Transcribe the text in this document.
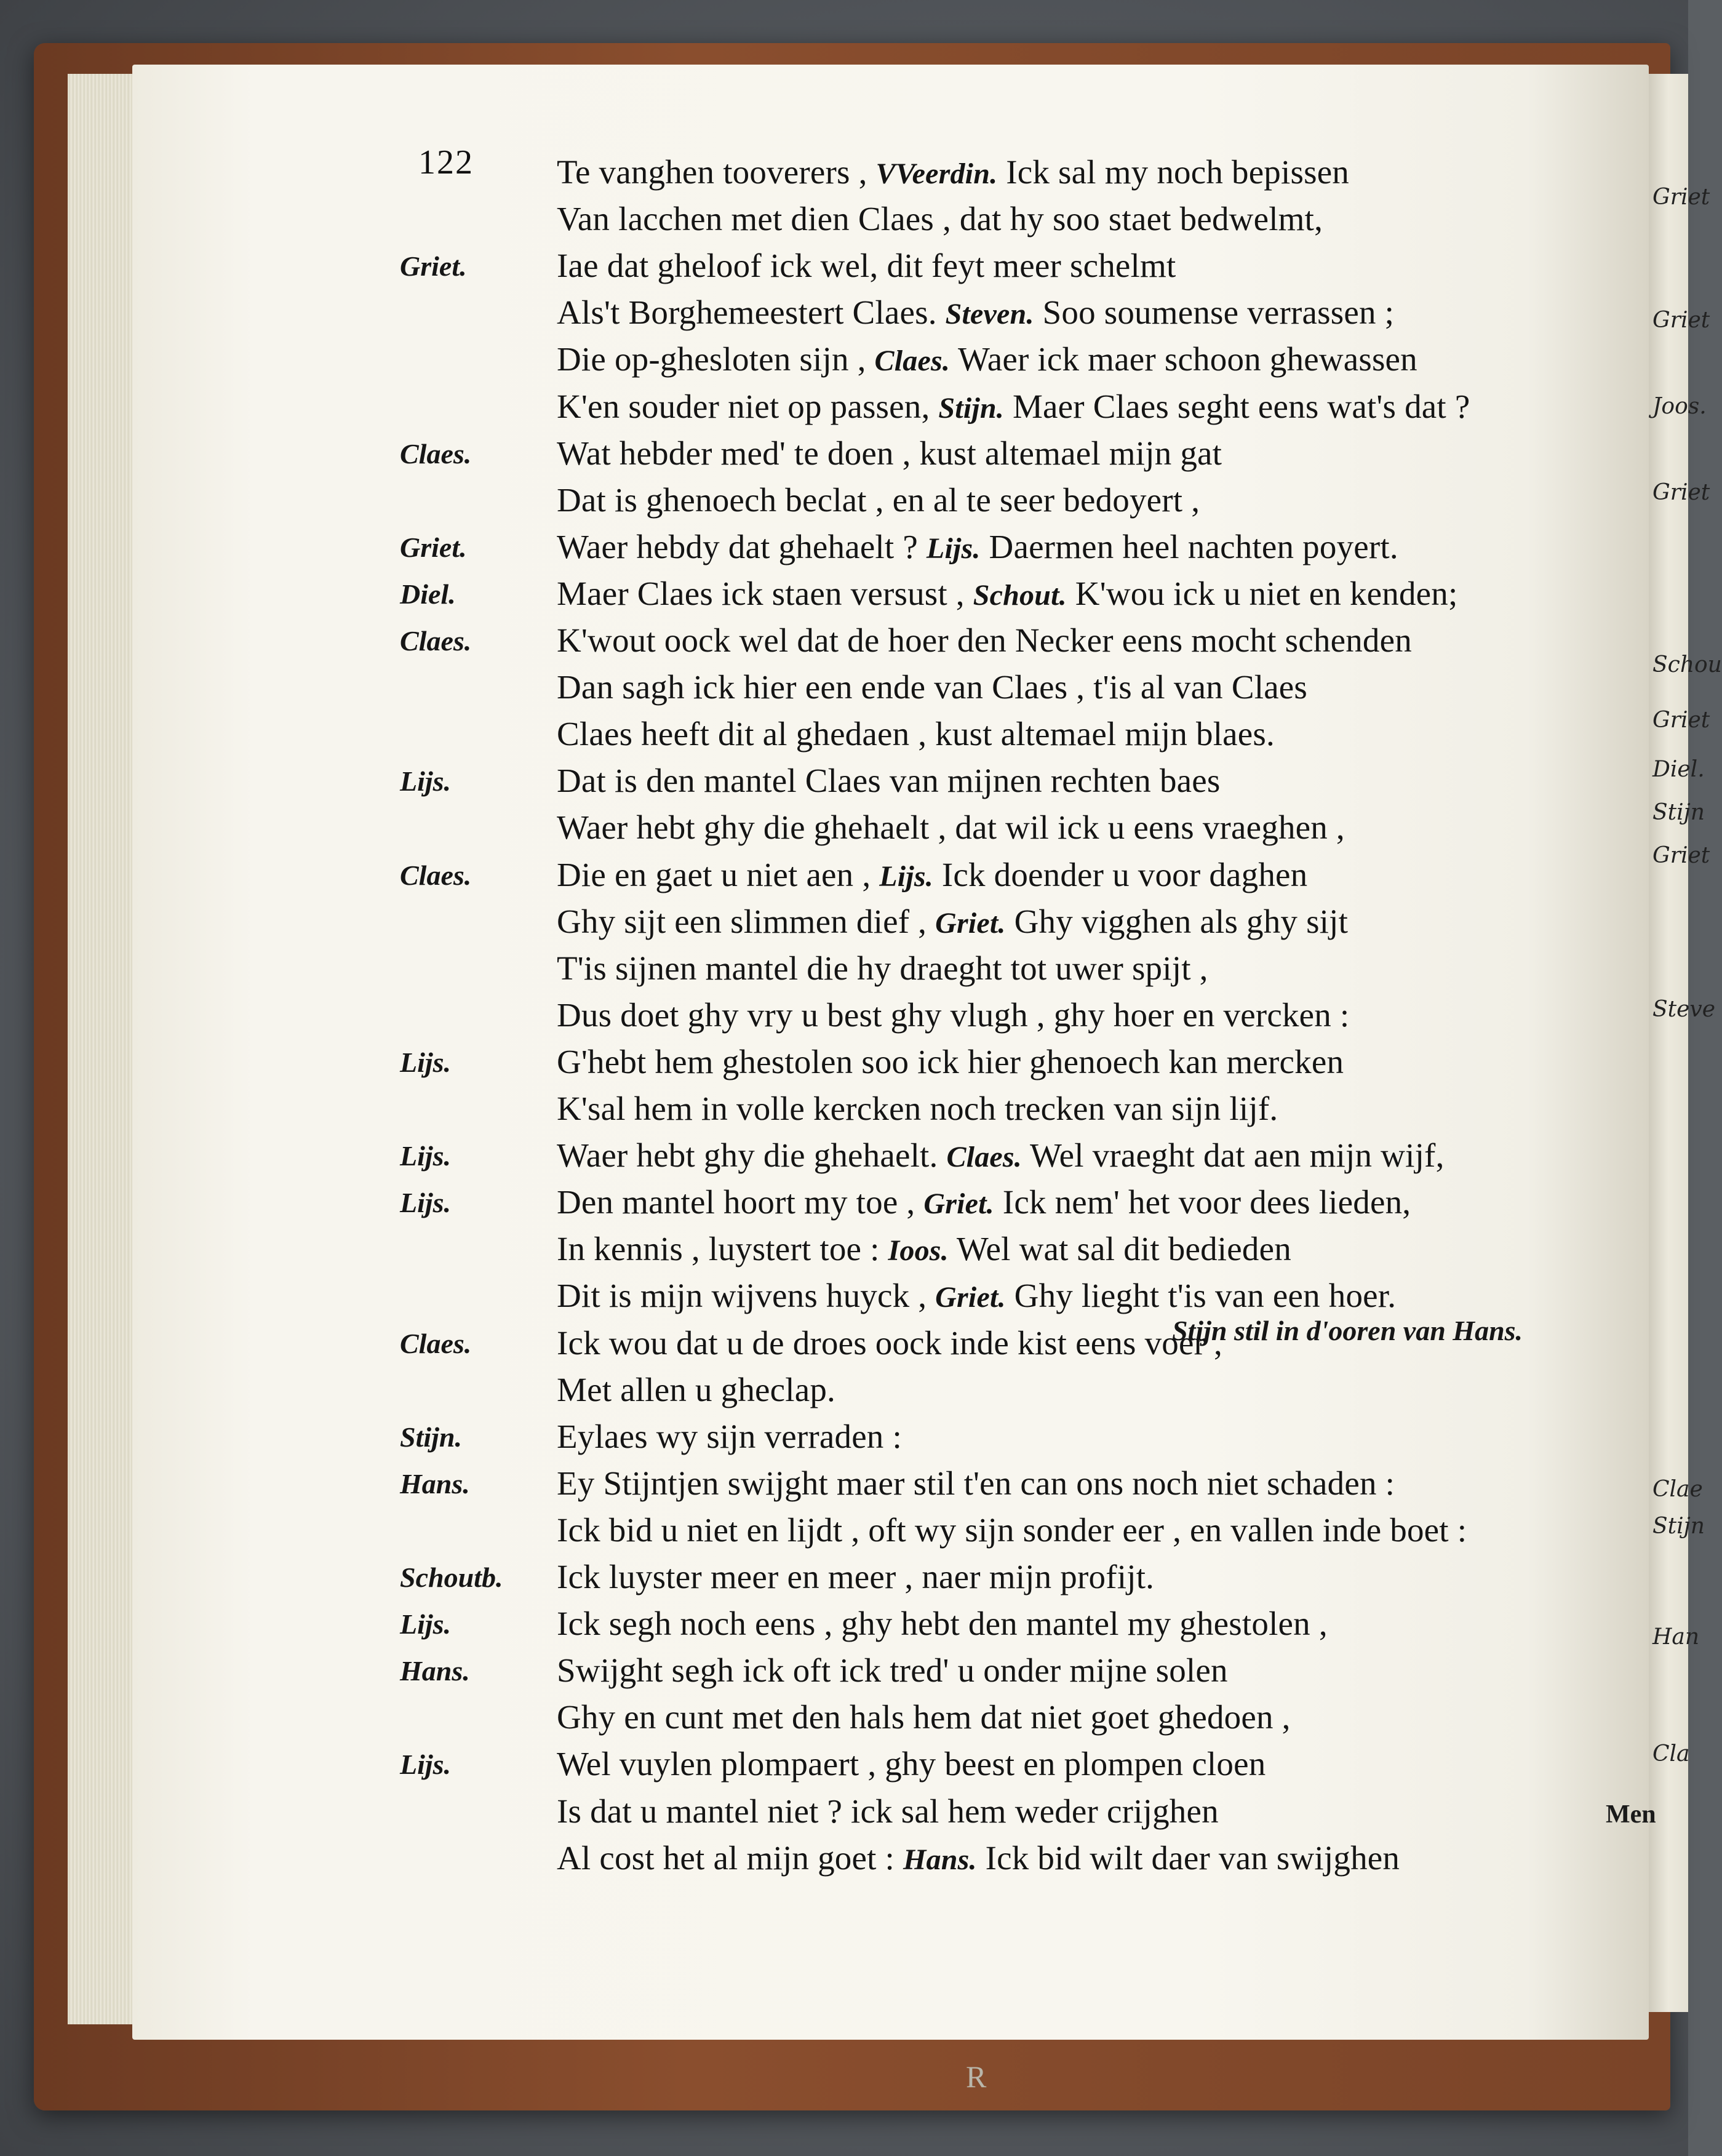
Griet
Griet
Joos.
Griet
Schou
Griet
Diel.
Stijn
Griet
Steve
Clae
Stijn
Han
Cla
122
Griet.
Claes.
Griet.
Diel.
Claes.
Lijs.
Claes.
Lijs.
Lijs.
Lijs.
Claes.
Stijn.
Hans.
Schoutb.
Lijs.
Hans.
Lijs.
Te vanghen tooverers , VVeerdin. Ick sal my noch bepissen
Van lacchen met dien Claes , dat hy soo staet bedwelmt,
Iae dat gheloof ick wel, dit feyt meer schelmt
Als't Borghemeestert Claes. Steven. Soo soumense verrassen ;
Die op-ghesloten sijn , Claes. Waer ick maer schoon ghewassen
K'en souder niet op passen, Stijn. Maer Claes seght eens wat's dat ?
Wat hebder med' te doen , kust altemael mijn gat
Dat is ghenoech beclat , en al te seer bedoyert ,
Waer hebdy dat ghehaelt ? Lijs. Daermen heel nachten poyert.
Maer Claes ick staen versust , Schout. K'wou ick u niet en kenden;
K'wout oock wel dat de hoer den Necker eens mocht schenden
Dan sagh ick hier een ende van Claes , t'is al van Claes
Claes heeft dit al ghedaen , kust altemael mijn blaes.
Dat is den mantel Claes van mijnen rechten baes
Waer hebt ghy die ghehaelt , dat wil ick u eens vraeghen ,
Die en gaet u niet aen , Lijs. Ick doender u voor daghen
Ghy sijt een slimmen dief , Griet. Ghy vigghen als ghy sijt
T'is sijnen mantel die hy draeght tot uwer spijt ,
Dus doet ghy vry u best ghy vlugh , ghy hoer en vercken :
G'hebt hem ghestolen soo ick hier ghenoech kan mercken
K'sal hem in volle kercken noch trecken van sijn lijf.
Waer hebt ghy die ghehaelt. Claes. Wel vraeght dat aen mijn wijf,
Den mantel hoort my toe , Griet. Ick nem' het voor dees lieden,
In kennis , luystert toe : Ioos. Wel wat sal dit bedieden
Dit is mijn wijvens huyck , Griet. Ghy lieght t'is van een hoer.
Ick wou dat u de droes oock inde kist eens voer ,
Met allen u gheclap.
Eylaes wy sijn verraden :
Ey Stijntjen swijght maer stil t'en can ons noch niet schaden :
Ick bid u niet en lijdt , oft wy sijn sonder eer , en vallen inde boet :
Ick luyster meer en meer , naer mijn profijt.
Ick segh noch eens , ghy hebt den mantel my ghestolen ,
Swijght segh ick oft ick tred' u onder mijne solen
Ghy en cunt met den hals hem dat niet goet ghedoen ,
Wel vuylen plompaert , ghy beest en plompen cloen
Is dat u mantel niet ? ick sal hem weder crijghen
Al cost het al mijn goet : Hans. Ick bid wilt daer van swijghen
Stijn stil in d'ooren van Hans.
R
Men
